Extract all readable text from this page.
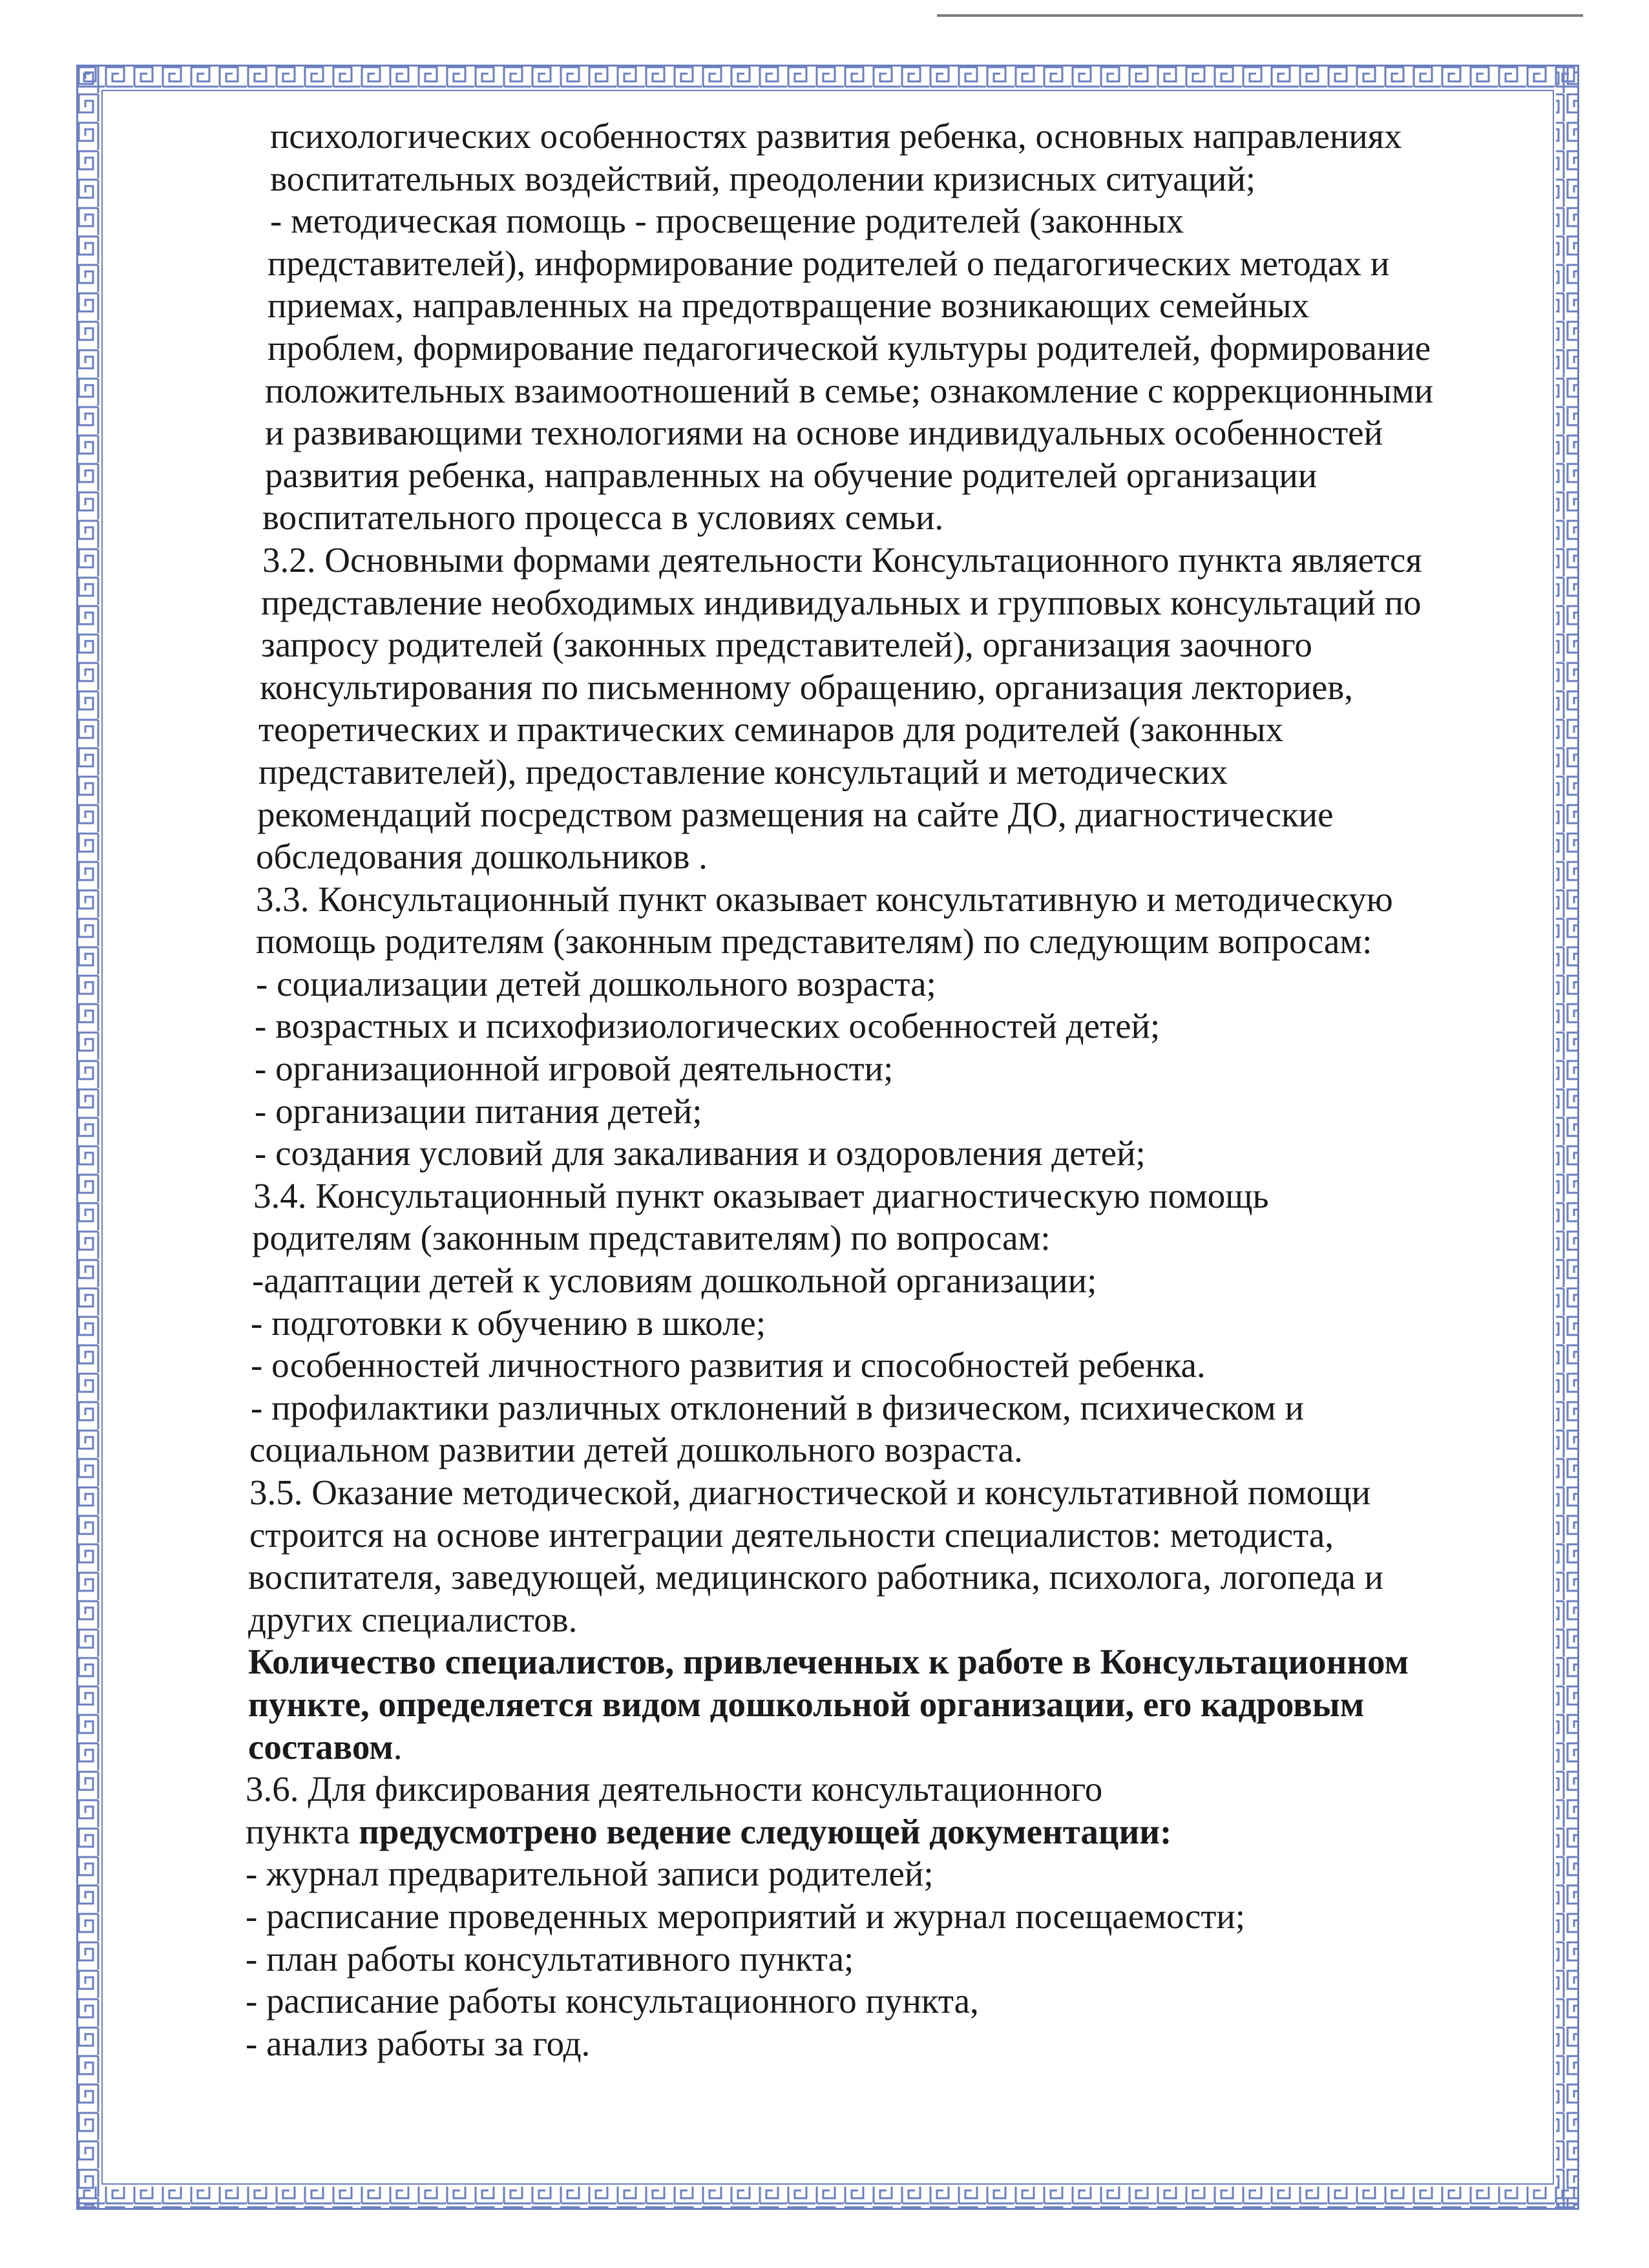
психологических особенностях развития ребенка, основных направлениях
воспитательных воздействий, преодолении кризисных ситуаций;
- методическая помощь - просвещение родителей (законных
представителей), информирование родителей о педагогических методах и
приемах, направленных на предотвращение возникающих семейных
проблем, формирование педагогической культуры родителей, формирование
положительных взаимоотношений в семье; ознакомление с коррекционными
и развивающими технологиями на основе индивидуальных особенностей
развития ребенка, направленных на обучение родителей организации
воспитательного процесса в условиях семьи.
3.2. Основными формами деятельности Консультационного пункта является
представление необходимых индивидуальных и групповых консультаций по
запросу родителей (законных представителей), организация заочного
консультирования по письменному обращению, организация лекториев,
теоретических и практических семинаров для родителей (законных
представителей), предоставление консультаций и методических
рекомендаций посредством размещения на сайте ДО, диагностические
обследования дошкольников .
3.3. Консультационный пункт оказывает консультативную и методическую
помощь родителям (законным представителям) по следующим вопросам:
- социализации детей дошкольного возраста;
- возрастных и психофизиологических особенностей детей;
- организационной игровой деятельности;
- организации питания детей;
- создания условий для закаливания и оздоровления детей;
3.4. Консультационный пункт оказывает диагностическую помощь
родителям (законным представителям) по вопросам:
-адаптации детей к условиям дошкольной организации;
- подготовки к обучению в школе;
- особенностей личностного развития и способностей ребенка.
- профилактики различных отклонений в физическом, психическом и
социальном развитии детей дошкольного возраста.
3.5. Оказание методической, диагностической и консультативной помощи
строится на основе интеграции деятельности специалистов: методиста,
воспитателя, заведующей, медицинского работника, психолога, логопеда и
других специалистов.
Количество специалистов, привлеченных к работе в Консультационном
пункте, определяется видом дошкольной организации, его кадровым
составом.
3.6. Для фиксирования деятельности консультационного
пункта предусмотрено ведение следующей документации:
- журнал предварительной записи родителей;
- расписание проведенных мероприятий и журнал посещаемости;
- план работы консультативного пункта;
- расписание работы консультационного пункта,
- анализ работы за год.
